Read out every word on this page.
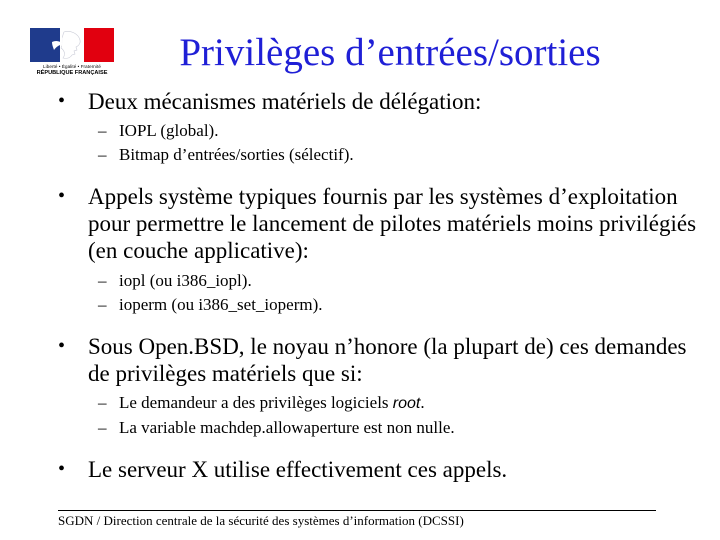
Liberté • Égalité • Fraternité
RÉPUBLIQUE FRANÇAISE	Privilèges d’entrées/sorties
• Deux mécanismes matériels de délégation:
– IOPL (global).
– Bitmap d’entrées/sorties (sélectif).
• Appels système typiques fournis par les systèmes d’exploitation pour permettre le lancement de pilotes matériels moins privilégiés (en couche applicative):
– iopl (ou i386_iopl).
– ioperm (ou i386_set_ioperm).
• Sous Open.BSD, le noyau n’honore (la plupart de) ces demandes de privilèges matériels que si:
– Le demandeur a des privilèges logiciels root.
– La variable machdep.allowaperture est non nulle.
• Le serveur X utilise effectivement ces appels.
SGDN / Direction centrale de la sécurité des systèmes d’information (DCSSI)
